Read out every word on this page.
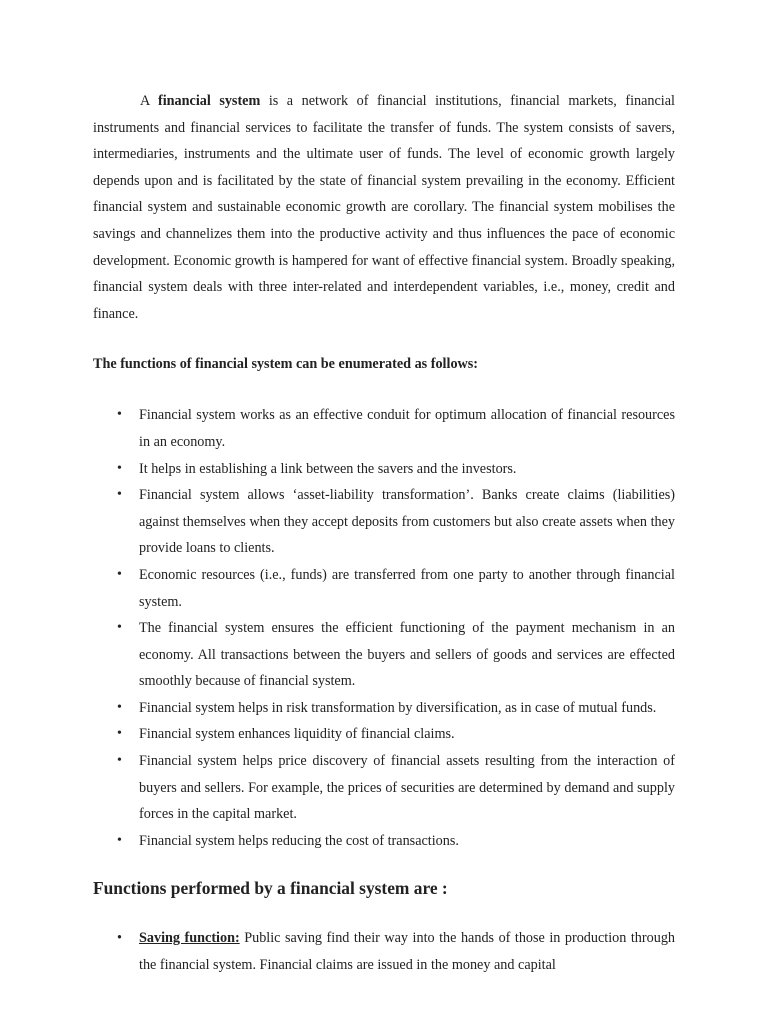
A financial system is a network of financial institutions, financial markets, financial instruments and financial services to facilitate the transfer of funds. The system consists of savers, intermediaries, instruments and the ultimate user of funds. The level of economic growth largely depends upon and is facilitated by the state of financial system prevailing in the economy. Efficient financial system and sustainable economic growth are corollary. The financial system mobilises the savings and channelizes them into the productive activity and thus influences the pace of economic development. Economic growth is hampered for want of effective financial system. Broadly speaking, financial system deals with three inter-related and interdependent variables, i.e., money, credit and finance.

The functions of financial system can be enumerated as follows:
• Financial system works as an effective conduit for optimum allocation of financial resources in an economy.
• It helps in establishing a link between the savers and the investors.
• Financial system allows ‘asset-liability transformation’. Banks create claims (liabilities) against themselves when they accept deposits from customers but also create assets when they provide loans to clients.
• Economic resources (i.e., funds) are transferred from one party to another through financial system.
• The financial system ensures the efficient functioning of the payment mechanism in an economy. All transactions between the buyers and sellers of goods and services are effected smoothly because of financial system.
• Financial system helps in risk transformation by diversification, as in case of mutual funds.
• Financial system enhances liquidity of financial claims.
• Financial system helps price discovery of financial assets resulting from the interaction of buyers and sellers. For example, the prices of securities are determined by demand and supply forces in the capital market.
• Financial system helps reducing the cost of transactions.
Functions performed by a financial system are :
• Saving function: Public saving find their way into the hands of those in production through the financial system. Financial claims are issued in the money and capital
